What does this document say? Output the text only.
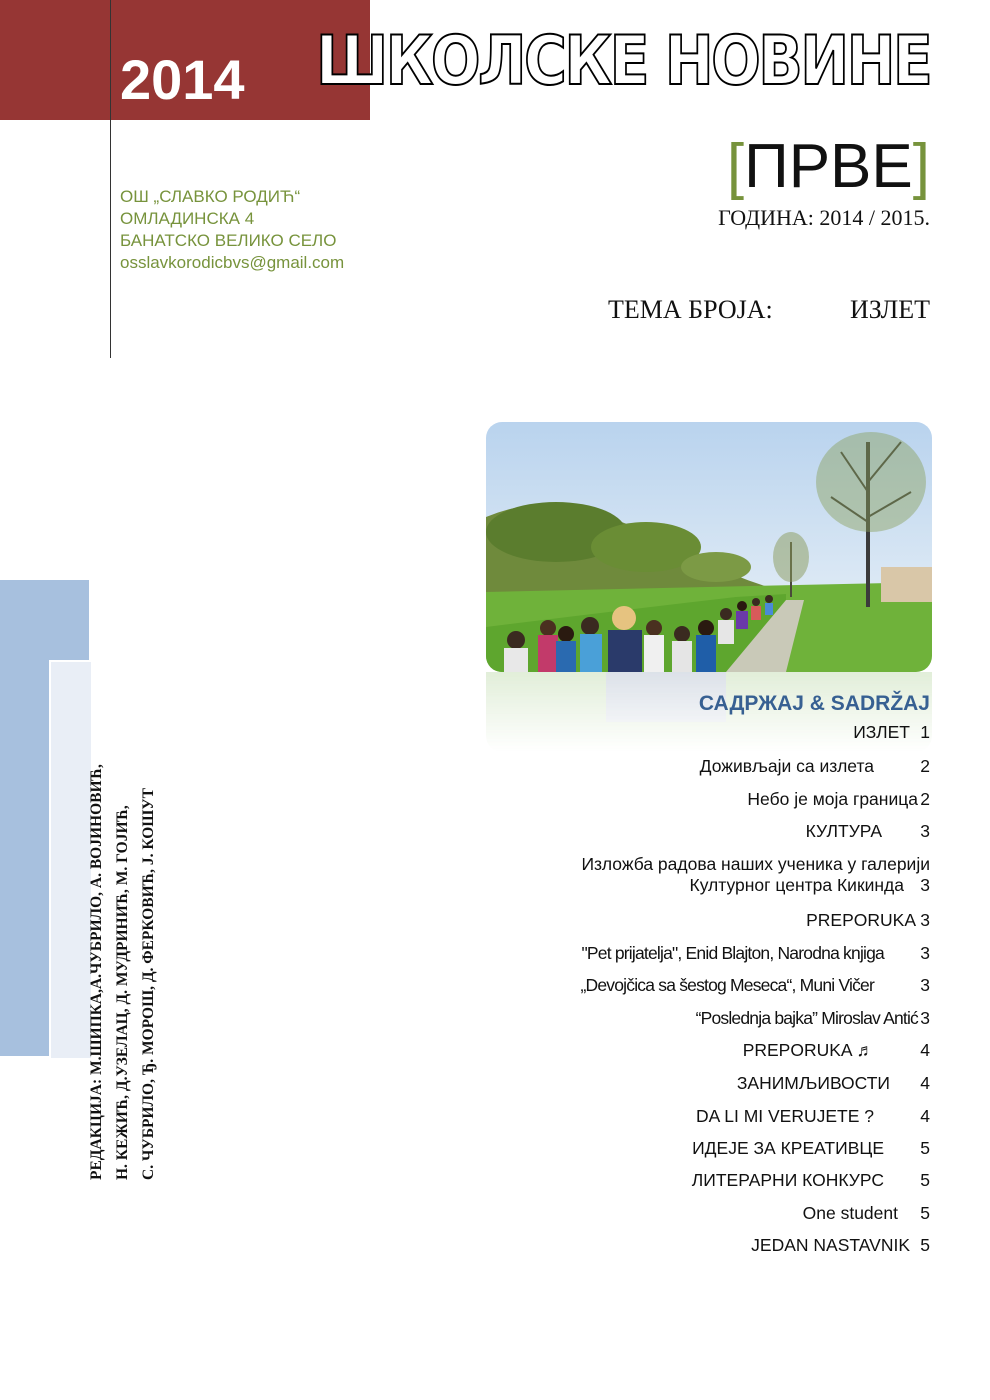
2014
ОШ „СЛАВКО РОДИЋ“
ОМЛАДИНСКА 4
БАНАТСКО ВЕЛИКО СЕЛО
osslavkorodicbvs@gmail.com
ШКОЛСКЕ НОВИНЕ
[ПРВЕ]
ГОДИНА: 2014 / 2015.
ТЕМА БРОЈА:	ИЗЛЕТ
РЕДАКЦИЈА: М.ШИПКА,А.ЧУБРИЛО, А. ВОЈИНОВИЋ, Н. КЕЖИЋ, Д.УЗЕЛАЦ, Д. МУДРИНИЋ, М. ГОЈИЋ, С. ЧУБРИЛО, Ђ. МОРОШ, Д. ФЕРКОВИЋ, Ј. КОШУТ
САДРЖАЈ & SADRŽAJ
ИЗЛЕТ 1
Доживљаји са излета	2
Небо је моја граница 2
КУЛТУРА 3
Изложба радова наших ученика у галерији
Културног центра Кикинда 3
PREPORUKA 3
"Pet prijatelja", Enid Blajton, Narodna knjiga 3
„Devojčica sa šestog Meseca“, Muni Vičer	3
“Poslednja bajka” Miroslav Antić 3
PREPORUKA ♬	4
ЗАНИМЉИВОСТИ 4
DA LI MI VERUJETE ?	4
ИДЕЈЕ ЗА КРЕАТИВЦЕ 5
ЛИТЕРАРНИ КОНКУРС 5
One student 5
JEDAN NASTAVNIK 5
